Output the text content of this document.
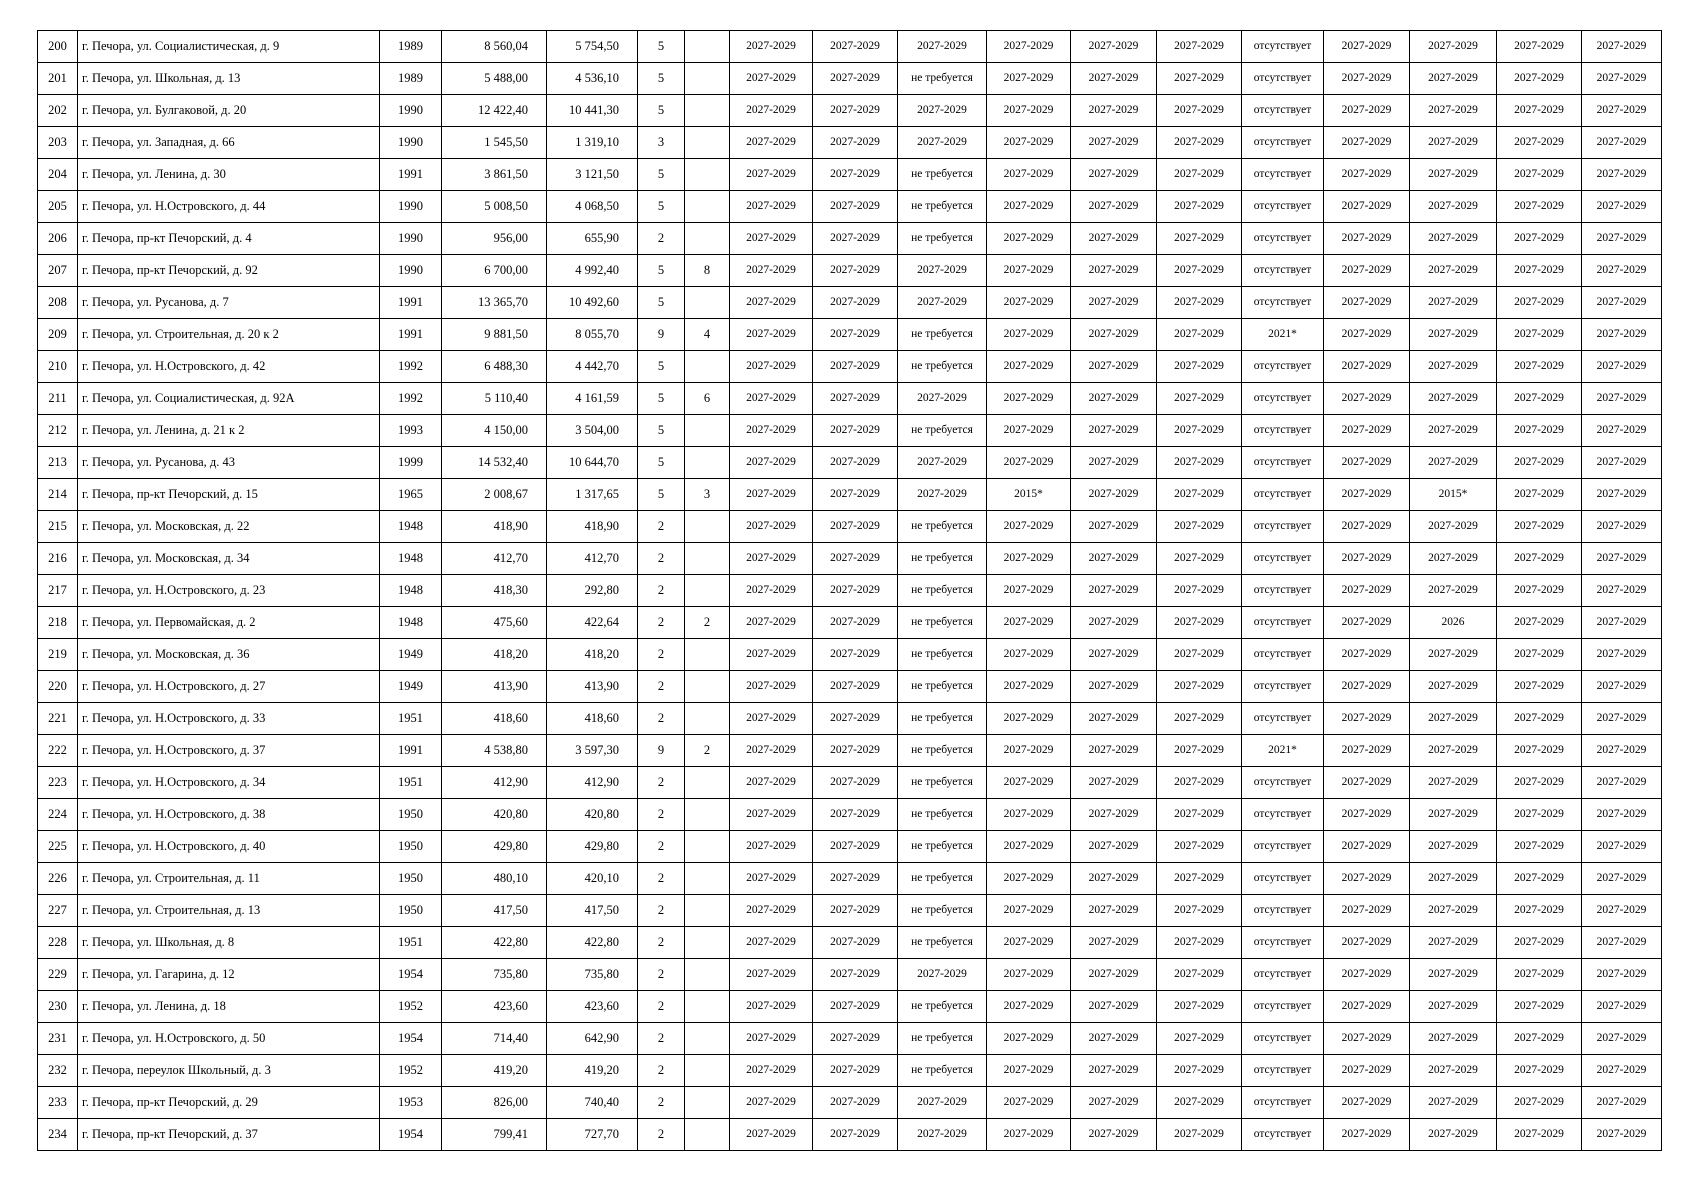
200	г. Печора, ул. Социалистическая, д. 9	1989	8 560,04	5 754,50	5		2027-2029	2027-2029	2027-2029	2027-2029	2027-2029	2027-2029	отсутствует	2027-2029	2027-2029	2027-2029	2027-2029
201	г. Печора, ул. Школьная, д. 13	1989	5 488,00	4 536,10	5		2027-2029	2027-2029	не требуется	2027-2029	2027-2029	2027-2029	отсутствует	2027-2029	2027-2029	2027-2029	2027-2029
202	г. Печора, ул. Булгаковой, д. 20	1990	12 422,40	10 441,30	5		2027-2029	2027-2029	2027-2029	2027-2029	2027-2029	2027-2029	отсутствует	2027-2029	2027-2029	2027-2029	2027-2029
203	г. Печора, ул. Западная, д. 66	1990	1 545,50	1 319,10	3		2027-2029	2027-2029	2027-2029	2027-2029	2027-2029	2027-2029	отсутствует	2027-2029	2027-2029	2027-2029	2027-2029
204	г. Печора, ул. Ленина, д. 30	1991	3 861,50	3 121,50	5		2027-2029	2027-2029	не требуется	2027-2029	2027-2029	2027-2029	отсутствует	2027-2029	2027-2029	2027-2029	2027-2029
205	г. Печора, ул. Н.Островского, д. 44	1990	5 008,50	4 068,50	5		2027-2029	2027-2029	не требуется	2027-2029	2027-2029	2027-2029	отсутствует	2027-2029	2027-2029	2027-2029	2027-2029
206	г. Печора, пр-кт Печорский, д. 4	1990	956,00	655,90	2		2027-2029	2027-2029	не требуется	2027-2029	2027-2029	2027-2029	отсутствует	2027-2029	2027-2029	2027-2029	2027-2029
207	г. Печора, пр-кт Печорский, д. 92	1990	6 700,00	4 992,40	5	8	2027-2029	2027-2029	2027-2029	2027-2029	2027-2029	2027-2029	отсутствует	2027-2029	2027-2029	2027-2029	2027-2029
208	г. Печора, ул. Русанова, д. 7	1991	13 365,70	10 492,60	5		2027-2029	2027-2029	2027-2029	2027-2029	2027-2029	2027-2029	отсутствует	2027-2029	2027-2029	2027-2029	2027-2029
209	г. Печора, ул. Строительная, д. 20 к 2	1991	9 881,50	8 055,70	9	4	2027-2029	2027-2029	не требуется	2027-2029	2027-2029	2027-2029	2021*	2027-2029	2027-2029	2027-2029	2027-2029
210	г. Печора, ул. Н.Островского, д. 42	1992	6 488,30	4 442,70	5		2027-2029	2027-2029	не требуется	2027-2029	2027-2029	2027-2029	отсутствует	2027-2029	2027-2029	2027-2029	2027-2029
211	г. Печора, ул. Социалистическая, д. 92А	1992	5 110,40	4 161,59	5	6	2027-2029	2027-2029	2027-2029	2027-2029	2027-2029	2027-2029	отсутствует	2027-2029	2027-2029	2027-2029	2027-2029
212	г. Печора, ул. Ленина, д. 21 к 2	1993	4 150,00	3 504,00	5		2027-2029	2027-2029	не требуется	2027-2029	2027-2029	2027-2029	отсутствует	2027-2029	2027-2029	2027-2029	2027-2029
213	г. Печора, ул. Русанова, д. 43	1999	14 532,40	10 644,70	5		2027-2029	2027-2029	2027-2029	2027-2029	2027-2029	2027-2029	отсутствует	2027-2029	2027-2029	2027-2029	2027-2029
214	г. Печора, пр-кт Печорский, д. 15	1965	2 008,67	1 317,65	5	3	2027-2029	2027-2029	2027-2029	2015*	2027-2029	2027-2029	отсутствует	2027-2029	2015*	2027-2029	2027-2029
215	г. Печора, ул. Московская, д. 22	1948	418,90	418,90	2		2027-2029	2027-2029	не требуется	2027-2029	2027-2029	2027-2029	отсутствует	2027-2029	2027-2029	2027-2029	2027-2029
216	г. Печора, ул. Московская, д. 34	1948	412,70	412,70	2		2027-2029	2027-2029	не требуется	2027-2029	2027-2029	2027-2029	отсутствует	2027-2029	2027-2029	2027-2029	2027-2029
217	г. Печора, ул. Н.Островского, д. 23	1948	418,30	292,80	2		2027-2029	2027-2029	не требуется	2027-2029	2027-2029	2027-2029	отсутствует	2027-2029	2027-2029	2027-2029	2027-2029
218	г. Печора, ул. Первомайская, д. 2	1948	475,60	422,64	2	2	2027-2029	2027-2029	не требуется	2027-2029	2027-2029	2027-2029	отсутствует	2027-2029	2026	2027-2029	2027-2029
219	г. Печора, ул. Московская, д. 36	1949	418,20	418,20	2		2027-2029	2027-2029	не требуется	2027-2029	2027-2029	2027-2029	отсутствует	2027-2029	2027-2029	2027-2029	2027-2029
220	г. Печора, ул. Н.Островского, д. 27	1949	413,90	413,90	2		2027-2029	2027-2029	не требуется	2027-2029	2027-2029	2027-2029	отсутствует	2027-2029	2027-2029	2027-2029	2027-2029
221	г. Печора, ул. Н.Островского, д. 33	1951	418,60	418,60	2		2027-2029	2027-2029	не требуется	2027-2029	2027-2029	2027-2029	отсутствует	2027-2029	2027-2029	2027-2029	2027-2029
222	г. Печора, ул. Н.Островского, д. 37	1991	4 538,80	3 597,30	9	2	2027-2029	2027-2029	не требуется	2027-2029	2027-2029	2027-2029	2021*	2027-2029	2027-2029	2027-2029	2027-2029
223	г. Печора, ул. Н.Островского, д. 34	1951	412,90	412,90	2		2027-2029	2027-2029	не требуется	2027-2029	2027-2029	2027-2029	отсутствует	2027-2029	2027-2029	2027-2029	2027-2029
224	г. Печора, ул. Н.Островского, д. 38	1950	420,80	420,80	2		2027-2029	2027-2029	не требуется	2027-2029	2027-2029	2027-2029	отсутствует	2027-2029	2027-2029	2027-2029	2027-2029
225	г. Печора, ул. Н.Островского, д. 40	1950	429,80	429,80	2		2027-2029	2027-2029	не требуется	2027-2029	2027-2029	2027-2029	отсутствует	2027-2029	2027-2029	2027-2029	2027-2029
226	г. Печора, ул. Строительная, д. 11	1950	480,10	420,10	2		2027-2029	2027-2029	не требуется	2027-2029	2027-2029	2027-2029	отсутствует	2027-2029	2027-2029	2027-2029	2027-2029
227	г. Печора, ул. Строительная, д. 13	1950	417,50	417,50	2		2027-2029	2027-2029	не требуется	2027-2029	2027-2029	2027-2029	отсутствует	2027-2029	2027-2029	2027-2029	2027-2029
228	г. Печора, ул. Школьная, д. 8	1951	422,80	422,80	2		2027-2029	2027-2029	не требуется	2027-2029	2027-2029	2027-2029	отсутствует	2027-2029	2027-2029	2027-2029	2027-2029
229	г. Печора, ул. Гагарина, д. 12	1954	735,80	735,80	2		2027-2029	2027-2029	2027-2029	2027-2029	2027-2029	2027-2029	отсутствует	2027-2029	2027-2029	2027-2029	2027-2029
230	г. Печора, ул. Ленина, д. 18	1952	423,60	423,60	2		2027-2029	2027-2029	не требуется	2027-2029	2027-2029	2027-2029	отсутствует	2027-2029	2027-2029	2027-2029	2027-2029
231	г. Печора, ул. Н.Островского, д. 50	1954	714,40	642,90	2		2027-2029	2027-2029	не требуется	2027-2029	2027-2029	2027-2029	отсутствует	2027-2029	2027-2029	2027-2029	2027-2029
232	г. Печора, переулок Школьный, д. 3	1952	419,20	419,20	2		2027-2029	2027-2029	не требуется	2027-2029	2027-2029	2027-2029	отсутствует	2027-2029	2027-2029	2027-2029	2027-2029
233	г. Печора, пр-кт Печорский, д. 29	1953	826,00	740,40	2		2027-2029	2027-2029	2027-2029	2027-2029	2027-2029	2027-2029	отсутствует	2027-2029	2027-2029	2027-2029	2027-2029
234	г. Печора, пр-кт Печорский, д. 37	1954	799,41	727,70	2		2027-2029	2027-2029	2027-2029	2027-2029	2027-2029	2027-2029	отсутствует	2027-2029	2027-2029	2027-2029	2027-2029
